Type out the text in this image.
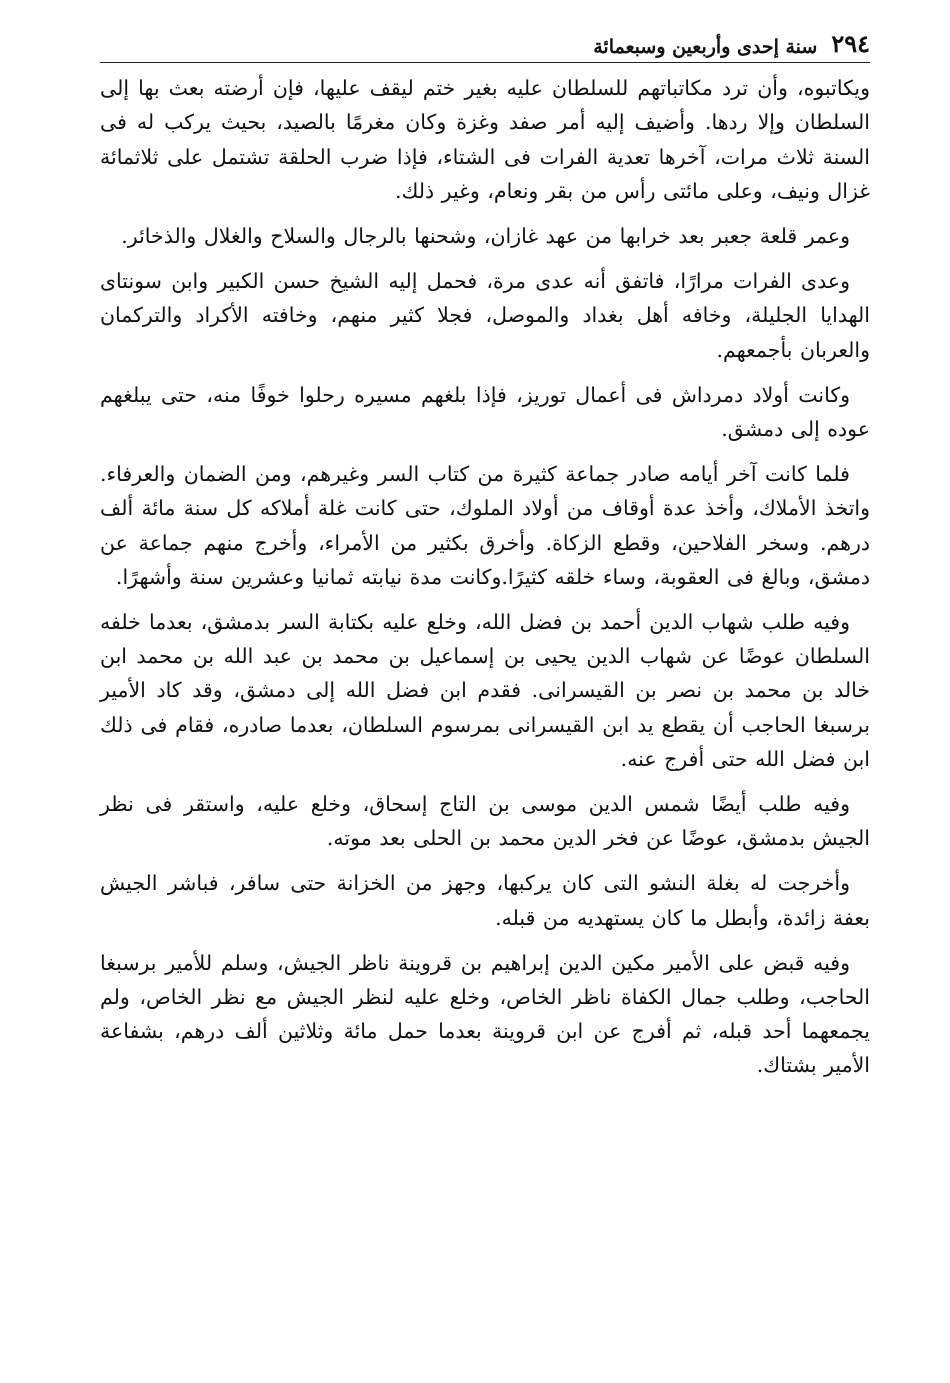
٢٩٤
سنة إحدى وأربعين وسبعمائة

ويكاتبوه، وأن ترد مكاتباتهم للسلطان عليه بغير ختم ليقف عليها، فإن أرضته بعث بها إلى السلطان وإلا ردها. وأضيف إليه أمر صفد وغزة وكان مغرمًا بالصيد، بحيث يركب له فى السنة ثلاث مرات، آخرها تعدية الفرات فى الشتاء، فإذا ضرب الحلقة تشتمل على ثلاثمائة غزال ونيف، وعلى مائتى رأس من بقر ونعام، وغير ذلك.

وعمر قلعة جعبر بعد خرابها من عهد غازان، وشحنها بالرجال والسلاح والغلال والذخائر.

وعدى الفرات مرارًا، فاتفق أنه عدى مرة، فحمل إليه الشيخ حسن الكبير وابن سونتاى الهدايا الجليلة، وخافه أهل بغداد والموصل، فجلا كثير منهم، وخافته الأكراد والتركمان والعربان بأجمعهم.

وكانت أولاد دمرداش فى أعمال توريز، فإذا بلغهم مسيره رحلوا خوفًا منه، حتى يبلغهم عوده إلى دمشق.

فلما كانت آخر أيامه صادر جماعة كثيرة من كتاب السر وغيرهم، ومن الضمان والعرفاء. واتخذ الأملاك، وأخذ عدة أوقاف من أولاد الملوك، حتى كانت غلة أملاكه كل سنة مائة ألف درهم. وسخر الفلاحين، وقطع الزكاة. وأخرق بكثير من الأمراء، وأخرج منهم جماعة عن دمشق، وبالغ فى العقوبة، وساء خلقه كثيرًا.وكانت مدة نيابته ثمانيا وعشرين سنة وأشهرًا.

وفيه طلب شهاب الدين أحمد بن فضل الله، وخلع عليه بكتابة السر بدمشق، بعدما خلفه السلطان عوضًا عن شهاب الدين يحيى بن إسماعيل بن محمد بن عبد الله بن محمد ابن خالد بن محمد بن نصر بن القيسرانى. فقدم ابن فضل الله إلى دمشق، وقد كاد الأمير برسبغا الحاجب أن يقطع يد ابن القيسرانى بمرسوم السلطان، بعدما صادره، فقام فى ذلك ابن فضل الله حتى أفرج عنه.

وفيه طلب أيضًا شمس الدين موسى بن التاج إسحاق، وخلع عليه، واستقر فى نظر الجيش بدمشق، عوضًا عن فخر الدين محمد بن الحلى بعد موته.

وأخرجت له بغلة النشو التى كان يركبها، وجهز من الخزانة حتى سافر، فباشر الجيش بعفة زائدة، وأبطل ما كان يستهديه من قبله.

وفيه قبض على الأمير مكين الدين إبراهيم بن قروينة ناظر الجيش، وسلم للأمير برسبغا الحاجب، وطلب جمال الكفاة ناظر الخاص، وخلع عليه لنظر الجيش مع نظر الخاص، ولم يجمعهما أحد قبله، ثم أفرج عن ابن قروينة بعدما حمل مائة وثلاثين ألف درهم، بشفاعة الأمير بشتاك.
